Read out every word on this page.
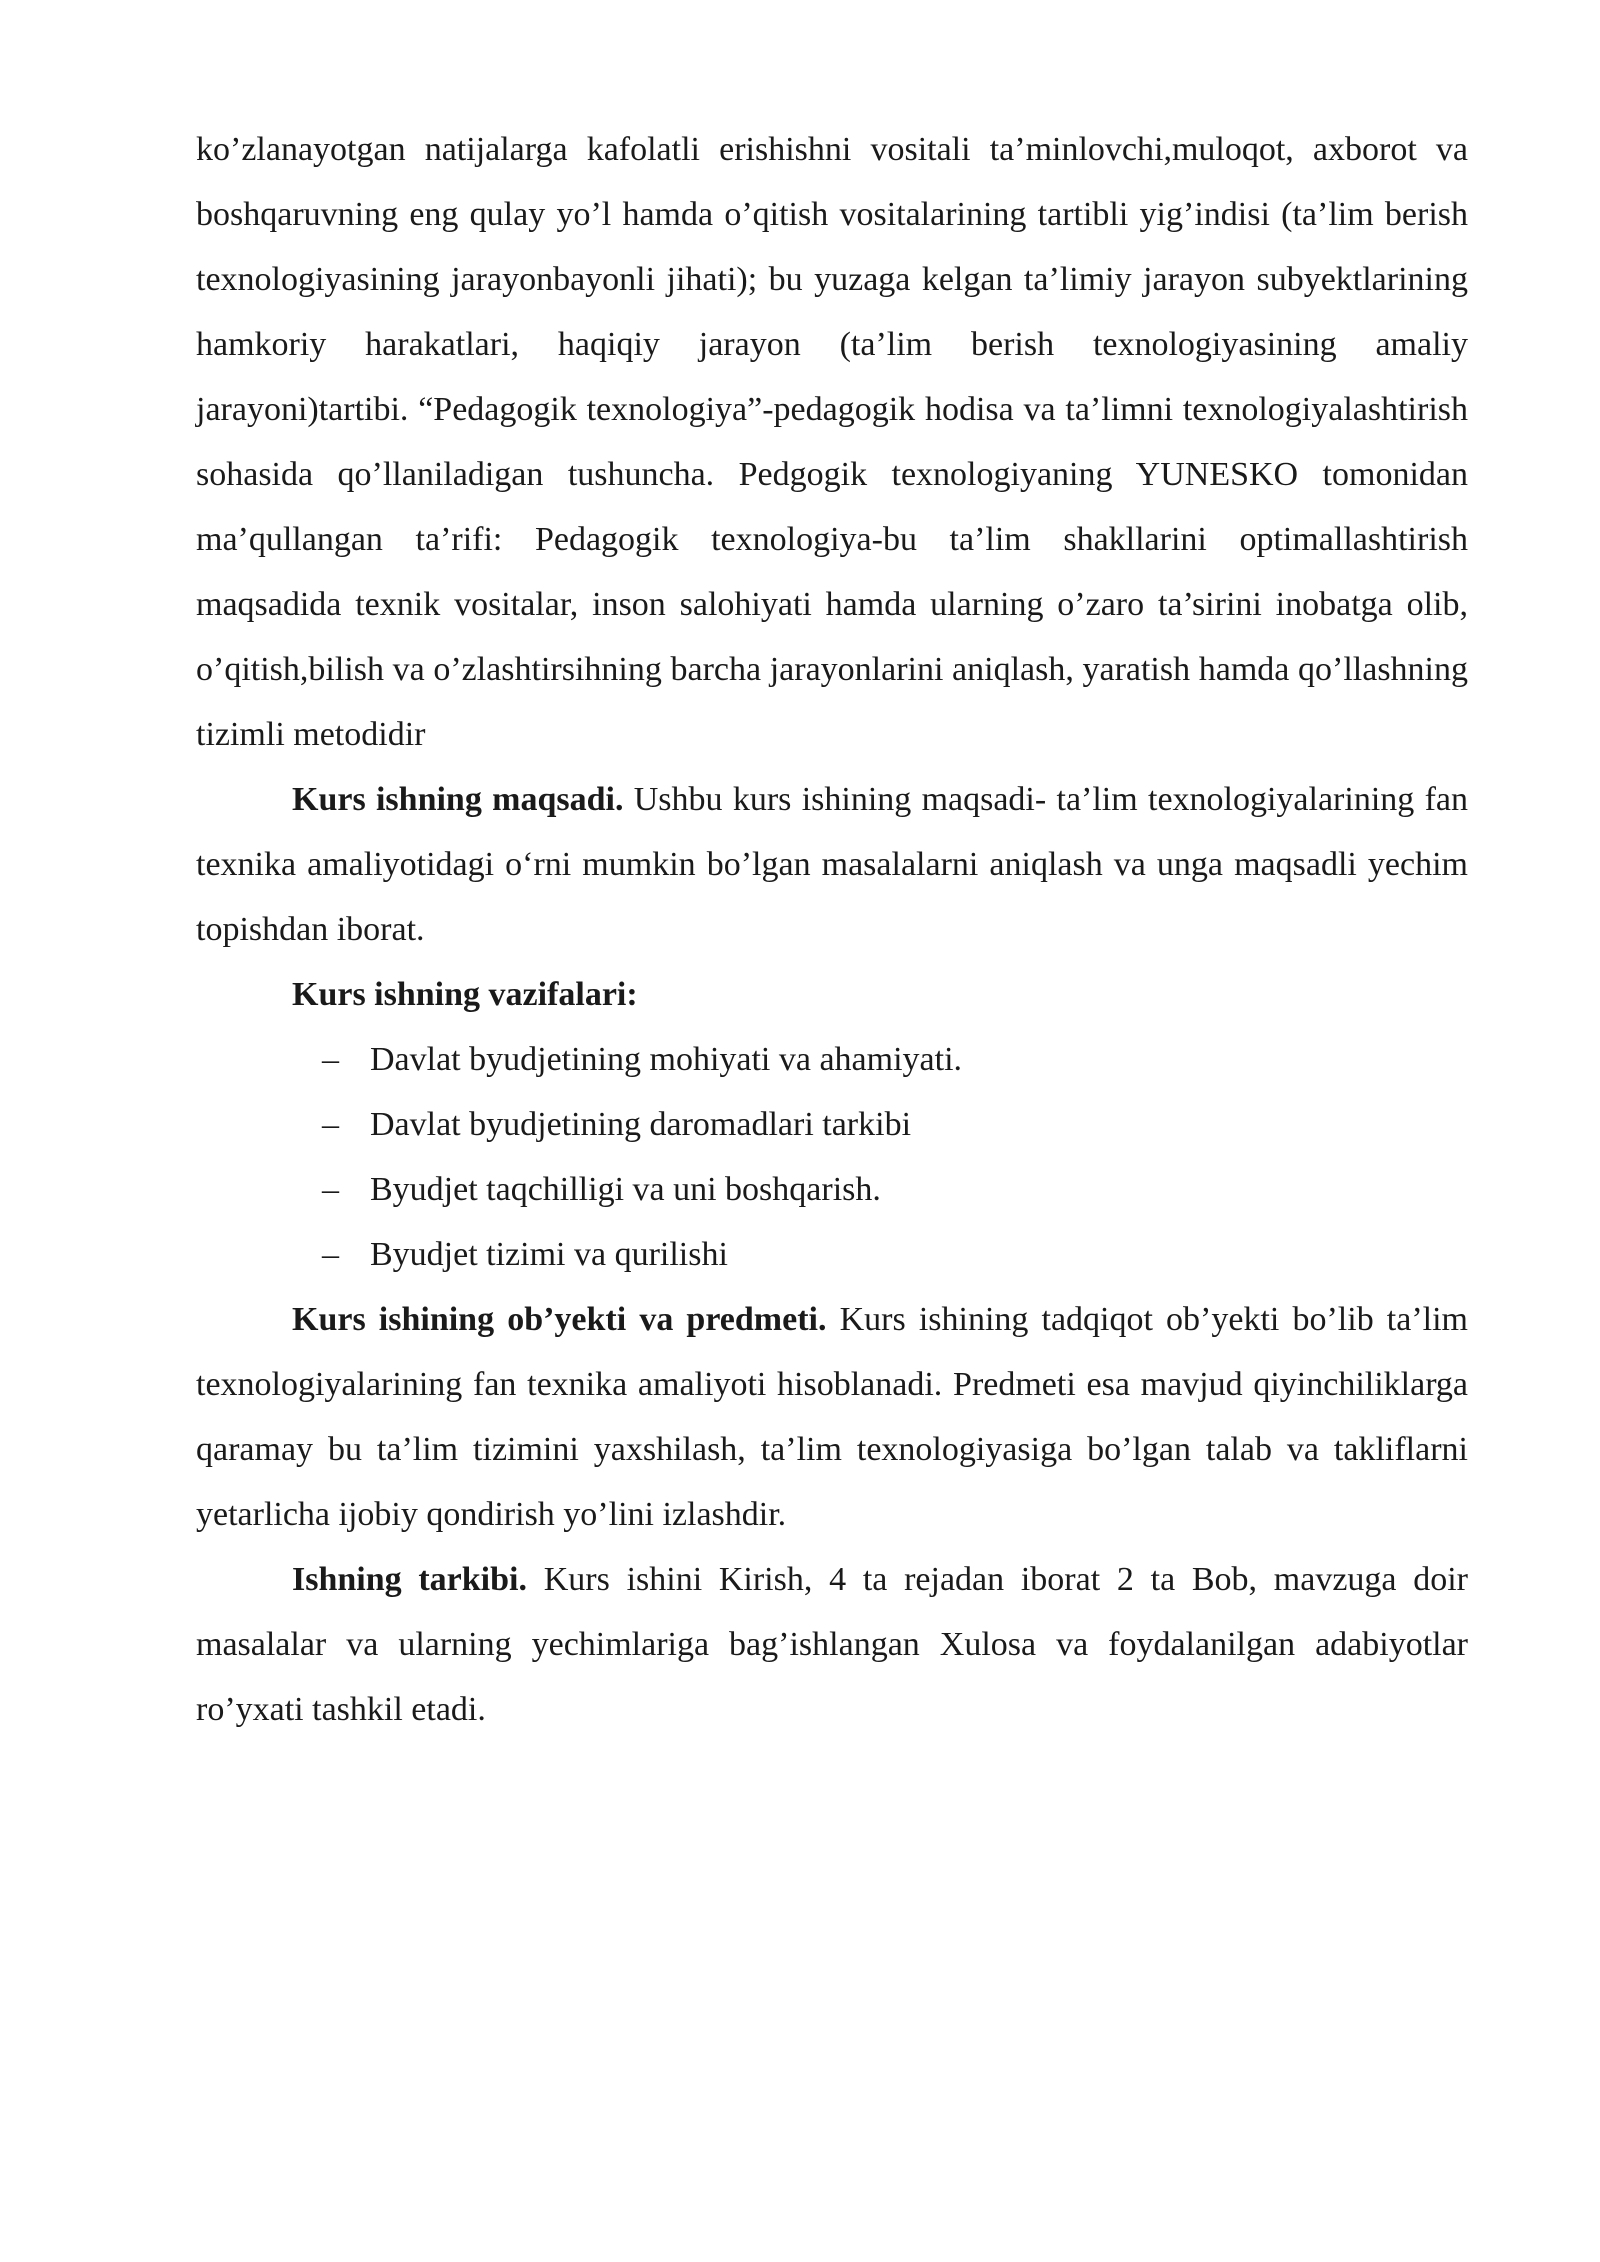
ko’zlanayotgan natijalarga kafolatli erishishni vositali ta’minlovchi,muloqot, axborot va boshqaruvning eng qulay yo’l hamda o’qitish vositalarining tartibli yig’indisi (ta’lim berish texnologiyasining jarayonbayonli jihati); bu yuzaga kelgan ta’limiy jarayon subyektlarining hamkoriy harakatlari, haqiqiy jarayon (ta’lim berish texnologiyasining amaliy jarayoni)tartibi. “Pedagogik texnologiya”-pedagogik hodisa va ta’limni texnologiyalashtirish sohasida qo’llaniladigan tushuncha. Pedgogik texnologiyaning YUNESKO tomonidan ma’qullangan ta’rifi: Pedagogik texnologiya-bu ta’lim shakllarini optimallashtirish maqsadida texnik vositalar, inson salohiyati hamda ularning o’zaro ta’sirini inobatga olib, o’qitish,bilish va o’zlashtirsihning barcha jarayonlarini aniqlash, yaratish hamda qo’llashning tizimli metodidir

Kurs ishning maqsadi. Ushbu kurs ishining maqsadi- ta’lim texnologiyalarining fan texnika amaliyotidagi o‘rni mumkin bo’lgan masalalarni aniqlash va unga maqsadli yechim topishdan iborat.

Kurs ishning vazifalari:

– Davlat byudjetining mohiyati va ahamiyati.
– Davlat byudjetining daromadlari tarkibi
– Byudjet taqchilligi va uni boshqarish.
– Byudjet tizimi va qurilishi

Kurs ishining ob’yekti va predmeti. Kurs ishining tadqiqot ob’yekti bo’lib ta’lim texnologiyalarining fan texnika amaliyoti hisoblanadi. Predmeti esa mavjud qiyinchiliklarga qaramay bu ta’lim tizimini yaxshilash, ta’lim texnologiyasiga bo’lgan talab va takliflarni yetarlicha ijobiy qondirish yo’lini izlashdir.

Ishning tarkibi. Kurs ishini Kirish, 4 ta rejadan iborat 2 ta Bob, mavzuga doir masalalar va ularning yechimlariga bag’ishlangan Xulosa va foydalanilgan adabiyotlar ro’yxati tashkil etadi.
